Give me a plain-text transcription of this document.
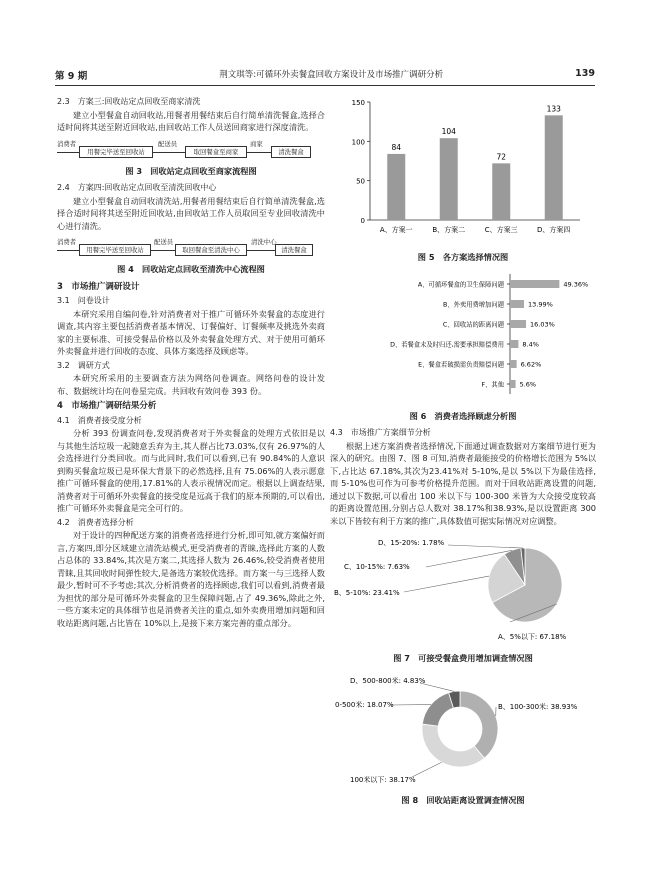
第 9 期	荆文琪等:可循环外卖餐盒回收方案设计及市场推广调研分析	139
2.3　方案三:回收站定点回收至商家清洗
建立小型餐盒自动回收站,用餐者用餐结束后自行简单清洗餐盒,选择合适时间将其送至附近回收站,由回收站工作人员送回商家进行深度清洗。
消费者
用餐完毕送至回收站
配送员
取回餐盒至商家
商家
清洗餐盒
图 3　回收站定点回收至商家流程图
2.4　方案四:回收站定点回收至清洗回收中心
建立小型餐盒自动回收清洗站,用餐者用餐结束后自行简单清洗餐盒,选择合适时间将其送至附近回收站,由回收站工作人员取回至专业回收清洗中心进行清洗。
消费者
用餐完毕送至回收站
配送员
取回餐盒至清洗中心
清洗中心
清洗餐盒
图 4　回收站定点回收至清洗中心流程图
3　市场推广调研设计
3.1　问卷设计
本研究采用自编问卷,针对消费者对于推广可循环外卖餐盒的态度进行调查,其内容主要包括消费者基本情况、订餐偏好、订餐频率及挑选外卖商家的主要标准、可接受餐品价格以及外卖餐盒处理方式、对于使用可循环外卖餐盒并进行回收的态度、具体方案选择及顾虑等。
3.2　调研方式
本研究所采用的主要调查方法为网络问卷调查。网络问卷的设计发布、数据统计均在问卷星完成。共回收有效问卷 393 份。
4　市场推广调研结果分析
4.1　消费者接受度分析
分析 393 份调查问卷,发现消费者对于外卖餐盒的处理方式依旧是以与其他生活垃圾一起随意丢弃为主,其人群占比73.03%,仅有 26.97%的人会选择进行分类回收。而与此同时,我们可以看到,已有 90.84%的人意识到购买餐盒垃圾已是环保大背景下的必然选择,且有 75.06%的人表示愿意推广可循环餐盒的使用,17.81%的人表示视情况而定。根据以上调查结果,消费者对于可循环外卖餐盒的接受度是远高于我们的原本预期的,可以看出,推广可循环外卖餐盒是完全可行的。
4.2　消费者选择分析
对于设计的四种配送方案的消费者选择进行分析,即可知,就方案偏好而言,方案四,即分区域建立清洗站模式,更受消费者的青睐,选择此方案的人数占总体的 33.84%,其次是方案二,其选择人数为 26.46%,较受消费者使用青睐,且其回收时间弹性较大,是备选方案较优选择。而方案一与三选择人数最少,暂时可不予考虑;其次,分析消费者的选择顾虑,我们可以看到,消费者最为担忧的部分是可循环外卖餐盒的卫生保障问题,占了 49.36%,除此之外,一些方案未定的具体细节也是消费者关注的重点,如外卖费用增加问题和回收站距离问题,占比皆在 10%以上,是接下来方案完善的重点部分。
0
50
100
150
84
A、方案一
104
B、方案二
72
C、方案三
133
D、方案四
图 5　各方案选择情况图
A、可循环餐盒的卫生保障问题	49.36%
B、外卖用费增加问题	13.99%
C、回收站的距离问题	16.03%
D、若餐盒未及时归还,需要承担赔偿费用	8.4%
E、餐盒若破损需负责赔偿问题	6.62%
F、其他 5.6%
图 6　消费者选择顾虑分析图
4.3　市场推广方案细节分析
根据上述方案消费者选择情况,下面通过调查数据对方案细节进行更为深入的研究。由图 7、图 8 可知,消费者最能接受的价格增长范围为 5%以下,占比达 67.18%,其次为23.41%对 5-10%,是以 5%以下为最佳选择,而 5-10%也可作为可参考价格提升范围。而对于回收站距离设置的问题,通过以下数据,可以看出 100 米以下与 100-300 米皆为大众接受度较高的距离设置范围,分别占总人数对 38.17%和38.93%,是以设置距离 300 米以下皆较有利于方案的推广,具体数值可据实际情况对应调整。
A、5%以下: 67.18%
B、5-10%: 23.41%
C、10-15%: 7.63%
D、15-20%: 1.78%
图 7　可接受餐盒费用增加调查情况图
B、100-300米: 38.93%
100米以下: 38.17%
0-500米: 18.07%
D、500-800米: 4.83%
图 8　回收站距离设置调查情况图
